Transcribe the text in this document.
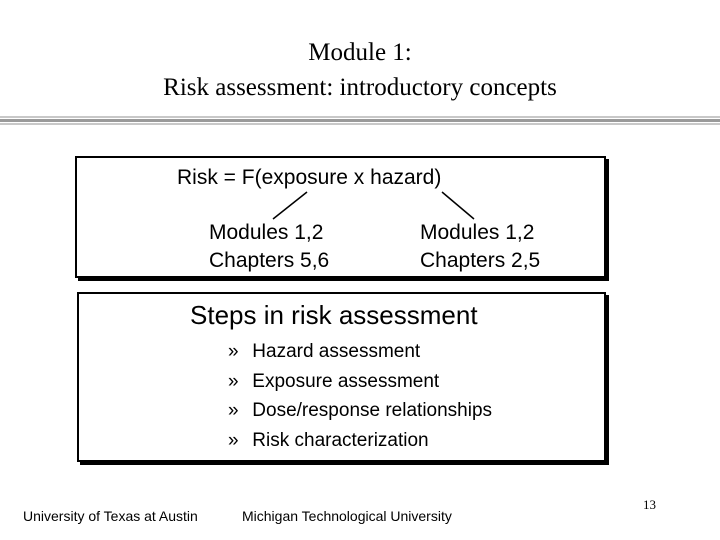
Module 1:
Risk assessment: introductory concepts
Risk = F(exposure x hazard)
Modules 1,2
Chapters 5,6
Modules 1,2
Chapters 2,5
Steps in risk assessment
» Hazard assessment
» Exposure assessment
» Dose/response relationships
» Risk characterization
University of Texas at Austin	Michigan Technological University
13
